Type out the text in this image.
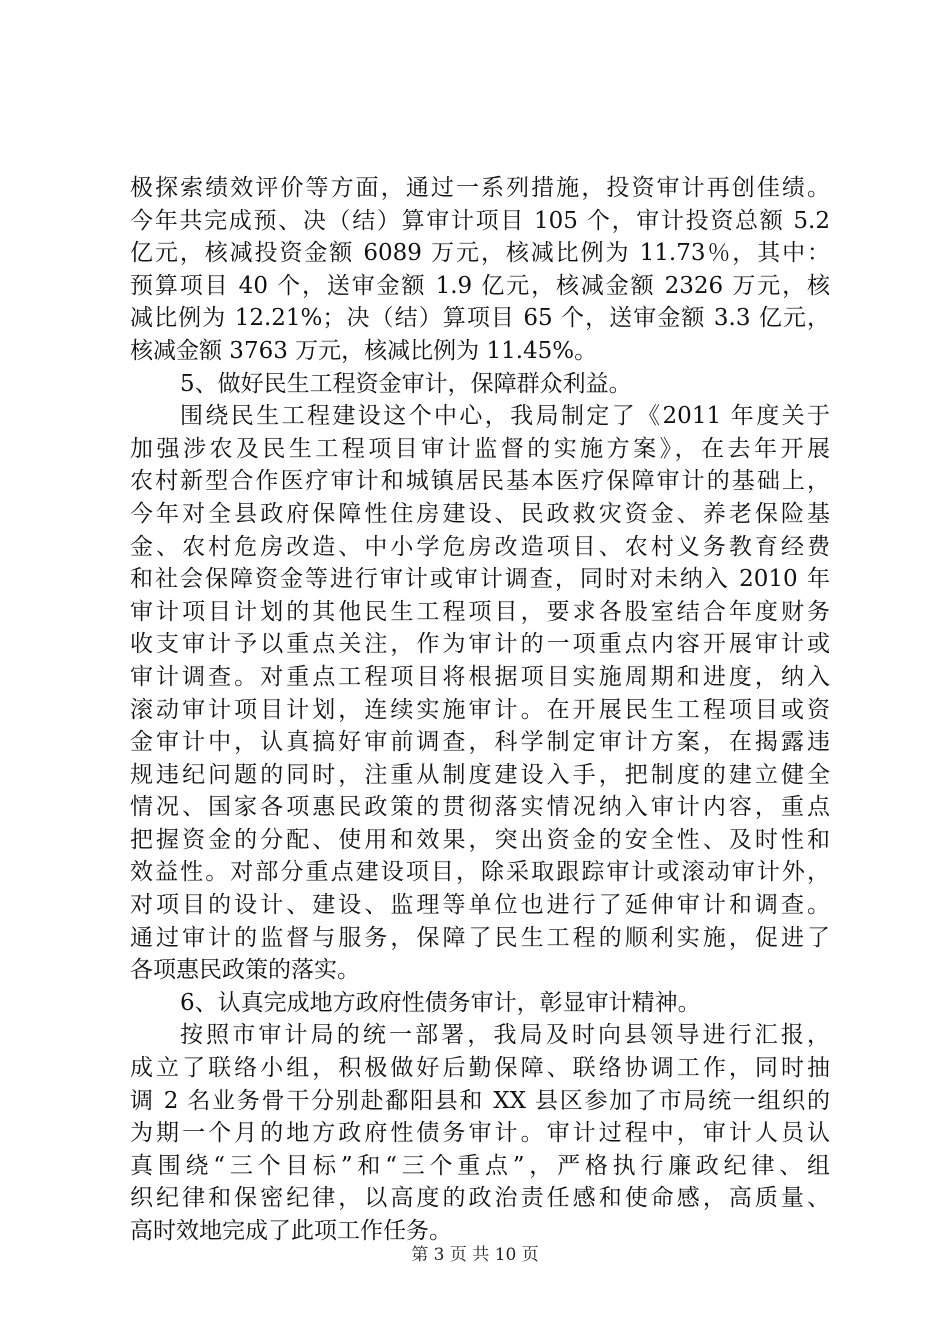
极探索绩效评价等方面，通过一系列措施，投资审计再创佳绩。
今年共完成预、决（结）算审计项目 105 个，审计投资总额 5.2
亿元，核减投资金额 6089 万元，核减比例为 11.73％，其中：
预算项目 40 个，送审金额 1.9 亿元，核减金额 2326 万元，核
减比例为 12.21%；决（结）算项目 65 个，送审金额 3.3 亿元，
核减金额 3763 万元，核减比例为 11.45%。
5、做好民生工程资金审计，保障群众利益。
围绕民生工程建设这个中心，我局制定了《2011 年度关于
加强涉农及民生工程项目审计监督的实施方案》，在去年开展
农村新型合作医疗审计和城镇居民基本医疗保障审计的基础上，
今年对全县政府保障性住房建设、民政救灾资金、养老保险基
金、农村危房改造、中小学危房改造项目、农村义务教育经费
和社会保障资金等进行审计或审计调查，同时对未纳入 2010 年
审计项目计划的其他民生工程项目，要求各股室结合年度财务
收支审计予以重点关注，作为审计的一项重点内容开展审计或
审计调查。对重点工程项目将根据项目实施周期和进度，纳入
滚动审计项目计划，连续实施审计。在开展民生工程项目或资
金审计中，认真搞好审前调查，科学制定审计方案，在揭露违
规违纪问题的同时，注重从制度建设入手，把制度的建立健全
情况、国家各项惠民政策的贯彻落实情况纳入审计内容，重点
把握资金的分配、使用和效果，突出资金的安全性、及时性和
效益性。对部分重点建设项目，除采取跟踪审计或滚动审计外，
对项目的设计、建设、监理等单位也进行了延伸审计和调查。
通过审计的监督与服务，保障了民生工程的顺利实施，促进了
各项惠民政策的落实。
6、认真完成地方政府性债务审计，彰显审计精神。
按照市审计局的统一部署，我局及时向县领导进行汇报，
成立了联络小组，积极做好后勤保障、联络协调工作，同时抽
调 2 名业务骨干分别赴鄱阳县和 XX 县区参加了市局统一组织的
为期一个月的地方政府性债务审计。审计过程中，审计人员认
真围绕“三个目标”和“三个重点”，严格执行廉政纪律、组
织纪律和保密纪律，以高度的政治责任感和使命感，高质量、
高时效地完成了此项工作任务。
第 3 页 共 10 页
